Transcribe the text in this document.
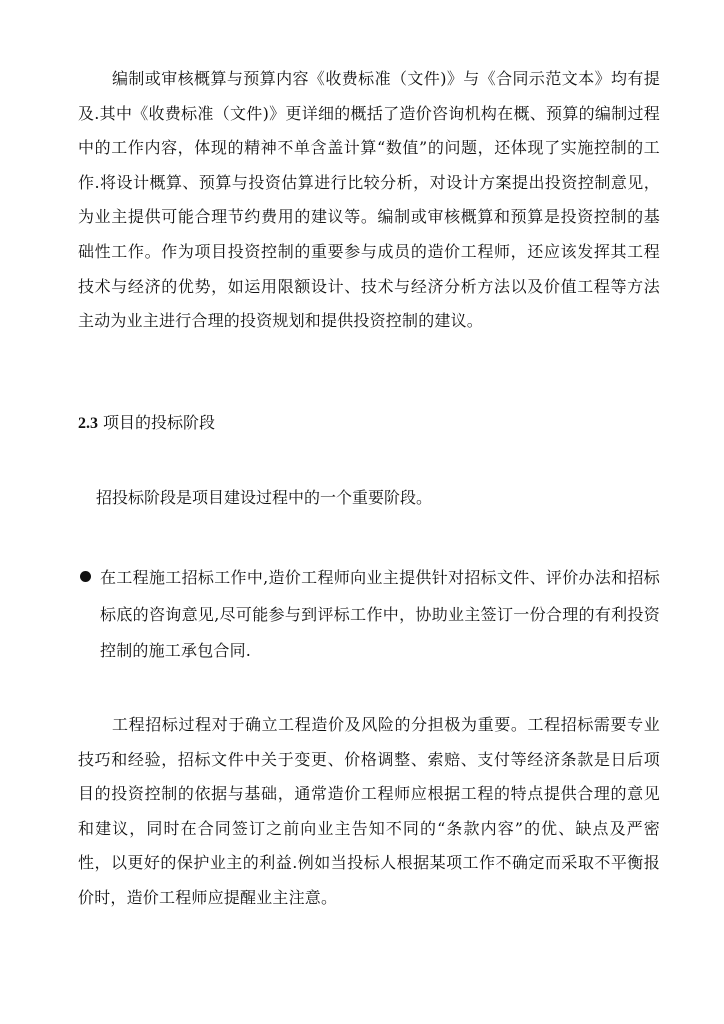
编制或审核概算与预算内容《收费标准（文件)》与《合同示范文本》均有提及.其中《收费标准（文件)》更详细的概括了造价咨询机构在概、预算的编制过程中的工作内容，体现的精神不单含盖计算“数值”的问题，还体现了实施控制的工作.将设计概算、预算与投资估算进行比较分析，对设计方案提出投资控制意见，为业主提供可能合理节约费用的建议等。编制或审核概算和预算是投资控制的基础性工作。作为项目投资控制的重要参与成员的造价工程师，还应该发挥其工程技术与经济的优势，如运用限额设计、技术与经济分析方法以及价值工程等方法主动为业主进行合理的投资规划和提供投资控制的建议。
2.3 项目的投标阶段
招投标阶段是项目建设过程中的一个重要阶段。
在工程施工招标工作中,造价工程师向业主提供针对招标文件、评价办法和招标标底的咨询意见,尽可能参与到评标工作中，协助业主签订一份合理的有利投资控制的施工承包合同.
工程招标过程对于确立工程造价及风险的分担极为重要。工程招标需要专业技巧和经验，招标文件中关于变更、价格调整、索赔、支付等经济条款是日后项目的投资控制的依据与基础，通常造价工程师应根据工程的特点提供合理的意见和建议，同时在合同签订之前向业主告知不同的“条款内容”的优、缺点及严密性，以更好的保护业主的利益.例如当投标人根据某项工作不确定而采取不平衡报价时，造价工程师应提醒业主注意。
